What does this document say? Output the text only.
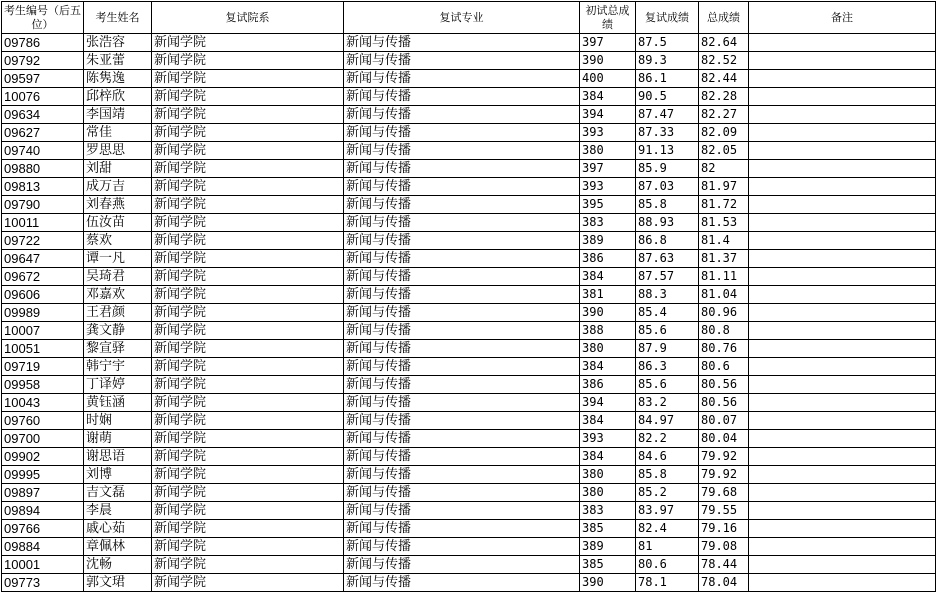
考生编号（后五位）	考生姓名	复试院系	复试专业	初试总成绩	复试成绩	总成绩	备注
09786	张浩容	新闻学院	新闻与传播	397	87.5	82.64	
09792	朱亚蕾	新闻学院	新闻与传播	390	89.3	82.52	
09597	陈隽逸	新闻学院	新闻与传播	400	86.1	82.44	
10076	邱梓欣	新闻学院	新闻与传播	384	90.5	82.28	
09634	李国靖	新闻学院	新闻与传播	394	87.47	82.27	
09627	常佳	新闻学院	新闻与传播	393	87.33	82.09	
09740	罗思思	新闻学院	新闻与传播	380	91.13	82.05	
09880	刘甜	新闻学院	新闻与传播	397	85.9	82	
09813	成万吉	新闻学院	新闻与传播	393	87.03	81.97	
09790	刘春燕	新闻学院	新闻与传播	395	85.8	81.72	
10011	伍汝苗	新闻学院	新闻与传播	383	88.93	81.53	
09722	蔡欢	新闻学院	新闻与传播	389	86.8	81.4	
09647	谭一凡	新闻学院	新闻与传播	386	87.63	81.37	
09672	吴琦君	新闻学院	新闻与传播	384	87.57	81.11	
09606	邓嘉欢	新闻学院	新闻与传播	381	88.3	81.04	
09989	王君颜	新闻学院	新闻与传播	390	85.4	80.96	
10007	龚文静	新闻学院	新闻与传播	388	85.6	80.8	
10051	黎宣驿	新闻学院	新闻与传播	380	87.9	80.76	
09719	韩宁宇	新闻学院	新闻与传播	384	86.3	80.6	
09958	丁译婷	新闻学院	新闻与传播	386	85.6	80.56	
10043	黄钰涵	新闻学院	新闻与传播	394	83.2	80.56	
09760	时娴	新闻学院	新闻与传播	384	84.97	80.07	
09700	谢萌	新闻学院	新闻与传播	393	82.2	80.04	
09902	谢思语	新闻学院	新闻与传播	384	84.6	79.92	
09995	刘博	新闻学院	新闻与传播	380	85.8	79.92	
09897	吉文磊	新闻学院	新闻与传播	380	85.2	79.68	
09894	李晨	新闻学院	新闻与传播	383	83.97	79.55	
09766	戚心茹	新闻学院	新闻与传播	385	82.4	79.16	
09884	章佩林	新闻学院	新闻与传播	389	81	79.08	
10001	沈畅	新闻学院	新闻与传播	385	80.6	78.44	
09773	郭文珺	新闻学院	新闻与传播	390	78.1	78.04	
